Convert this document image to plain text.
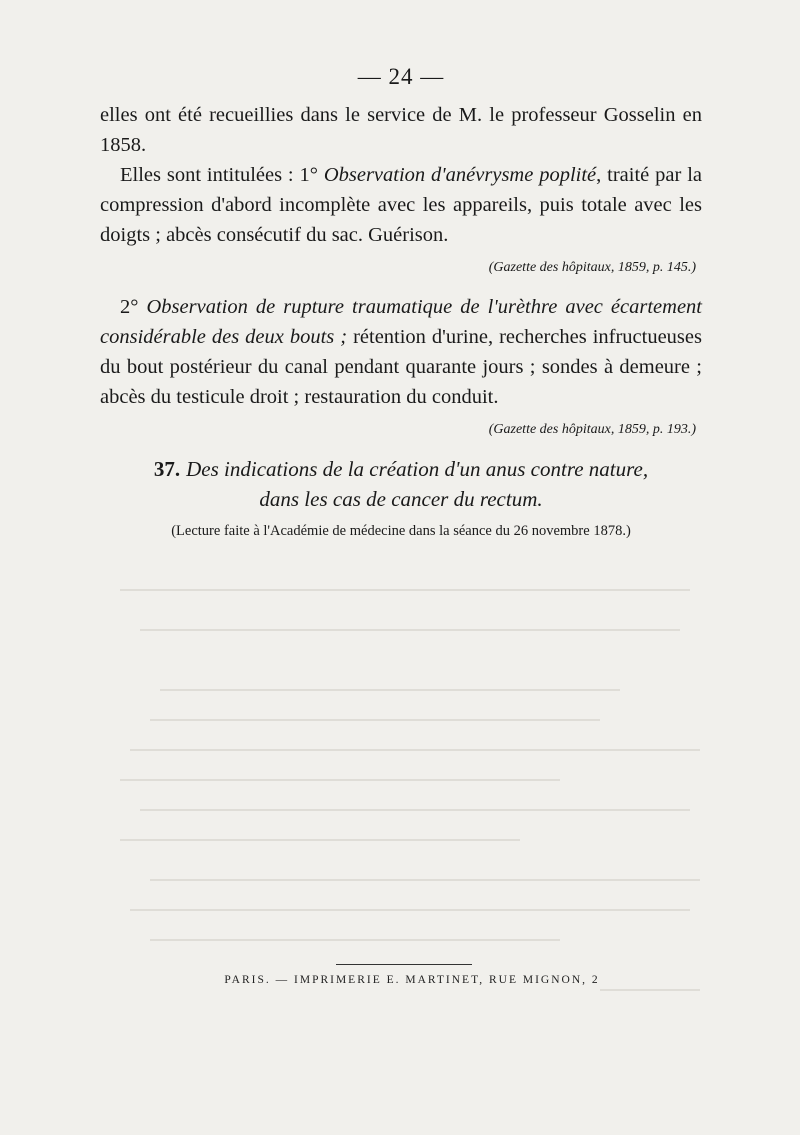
— 24 —

elles ont été recueillies dans le service de M. le professeur Gosselin en 1858.

Elles sont intitulées : 1° Observation d'anévrysme poplité, traité par la compression d'abord incomplète avec les appareils, puis totale avec les doigts ; abcès consécutif du sac. Guérison.

(Gazette des hôpitaux, 1859, p. 145.)

2° Observation de rupture traumatique de l'urèthre avec écartement considérable des deux bouts ; rétention d'urine, recherches infructueuses du bout postérieur du canal pendant quarante jours ; sondes à demeure ; abcès du testicule droit ; restauration du conduit.

(Gazette des hôpitaux, 1859, p. 193.)
37. Des indications de la création d'un anus contre nature,
dans les cas de cancer du rectum.
(Lecture faite à l'Académie de médecine dans la séance du 26 novembre 1878.)
PARIS. — IMPRIMERIE E. MARTINET, RUE MIGNON, 2
